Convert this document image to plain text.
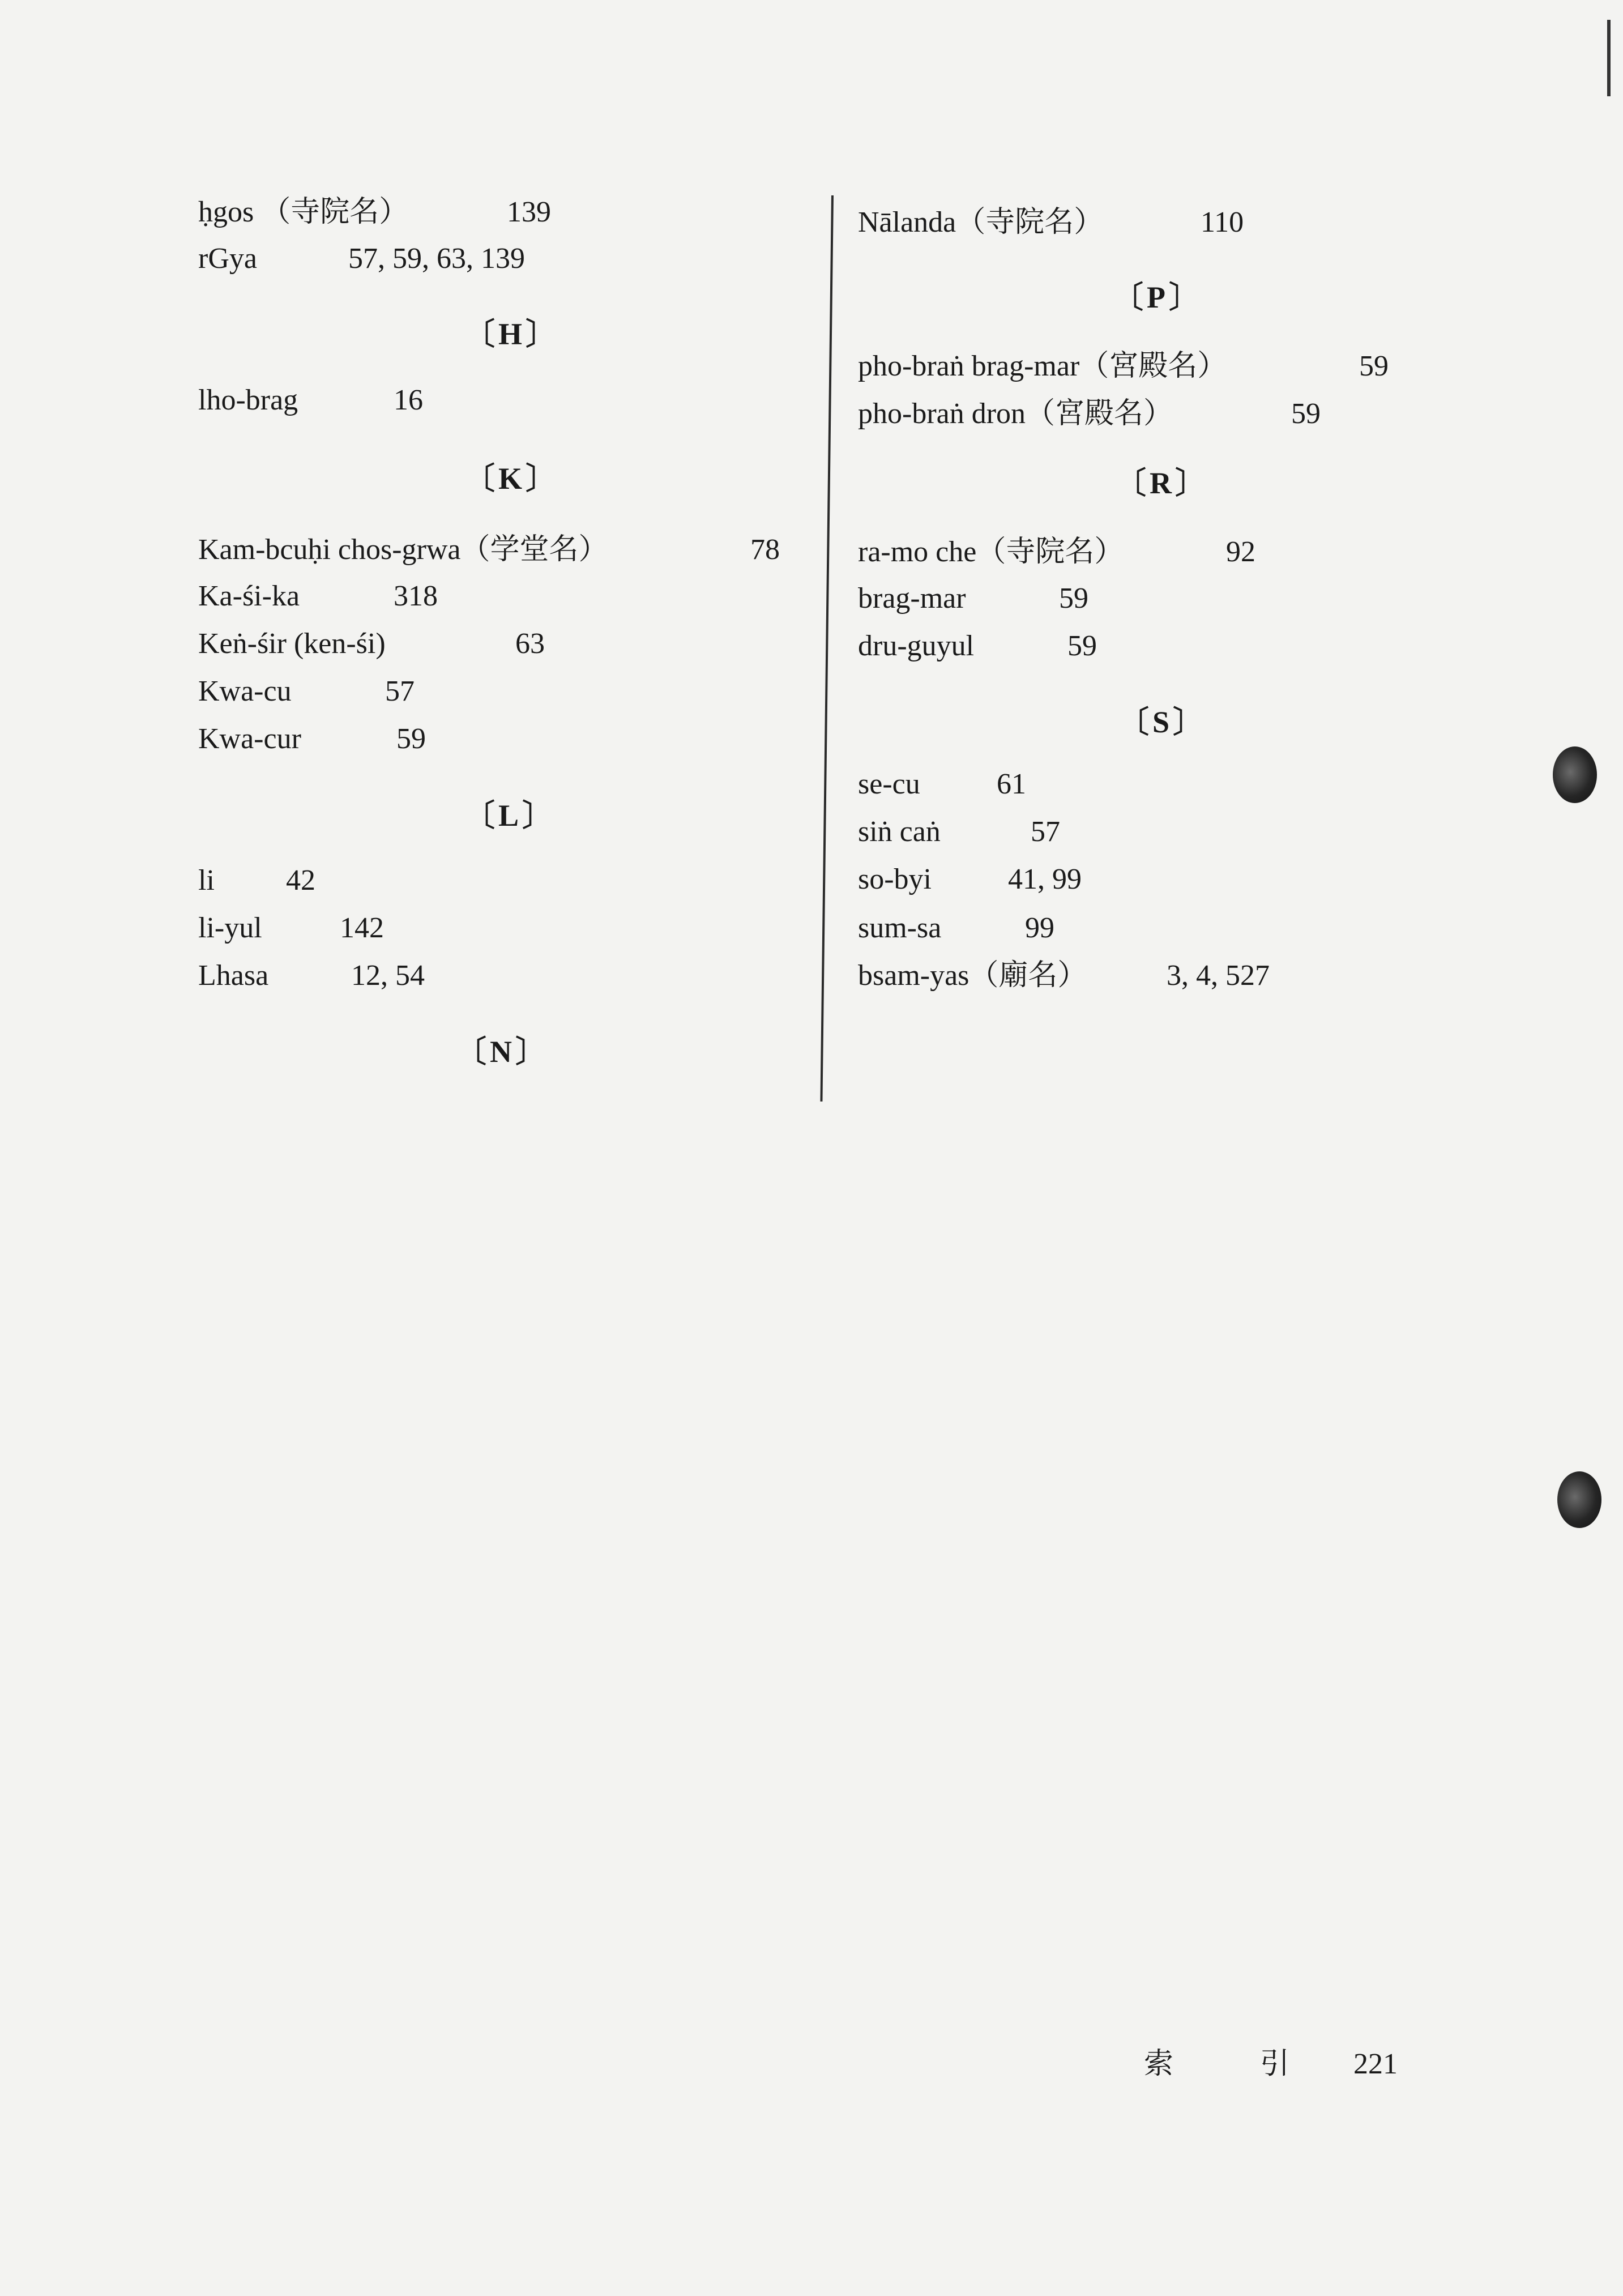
ḥgos （寺院名）	139
rGya	57, 59, 63, 139
〔H〕
lho-brag	16
〔K〕
Kam-bcuḥi chos-grwa（学堂名）	78
Ka-śi-ka	318
Keṅ-śir (ken-śi)	63
Kwa-cu	57
Kwa-cur	59
〔L〕
li 42
li-yul	142
Lhasa	12, 54
〔N〕
Nālanda（寺院名）	110
〔P〕
pho-braṅ brag-mar（宮殿名）	59
pho-braṅ dron（宮殿名）	59
〔R〕
ra-mo che（寺院名）	92
brag-mar	59
dru-guyul	59
〔S〕
se-cu	61
siṅ caṅ	57
so-byi	41, 99
sum-sa	99
bsam-yas（廟名）	3, 4, 527
索	引 221
